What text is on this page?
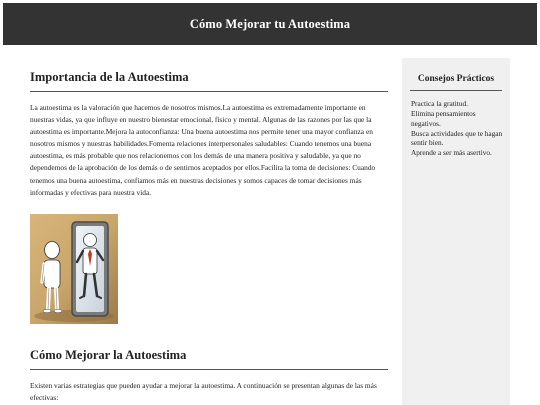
Cómo Mejorar tu Autoestima
Importancia de la Autoestima

La autoestima es la valoración que hacemos de nosotros mismos.La autoestima es extremadamente importante en nuestras vidas, ya que influye en nuestro bienestar emocional, físico y mental. Algunas de las razones por las que la autoestima es importante.Mejora la autoconfianza: Una buena autoestima nos permite tener una mayor confianza en nosotros mismos y nuestras habilidades.Fomenta relaciones interpersonales saludables: Cuando tenemos una buena autoestima, es más probable que nos relacionemos con los demás de una manera positiva y saludable, ya que no dependemos de la aprobación de los demás o de sentirnos aceptados por ellos.Facilita la toma de decisiones: Cuando tenemos una buena autoestima, confiamos más en nuestras decisiones y somos capaces de tomar decisiones más informadas y efectivas para nuestra vida.

Cómo Mejorar la Autoestima

Existen varias estrategias que pueden ayudar a mejorar la autoestima. A continuación se presentan algunas de las más efectivas:

Consejos Prácticos
Practica la gratitud.
Elimina pensamientos negativos.
Busca actividades que te hagan sentir bien.
Aprende a ser más asertivo.
